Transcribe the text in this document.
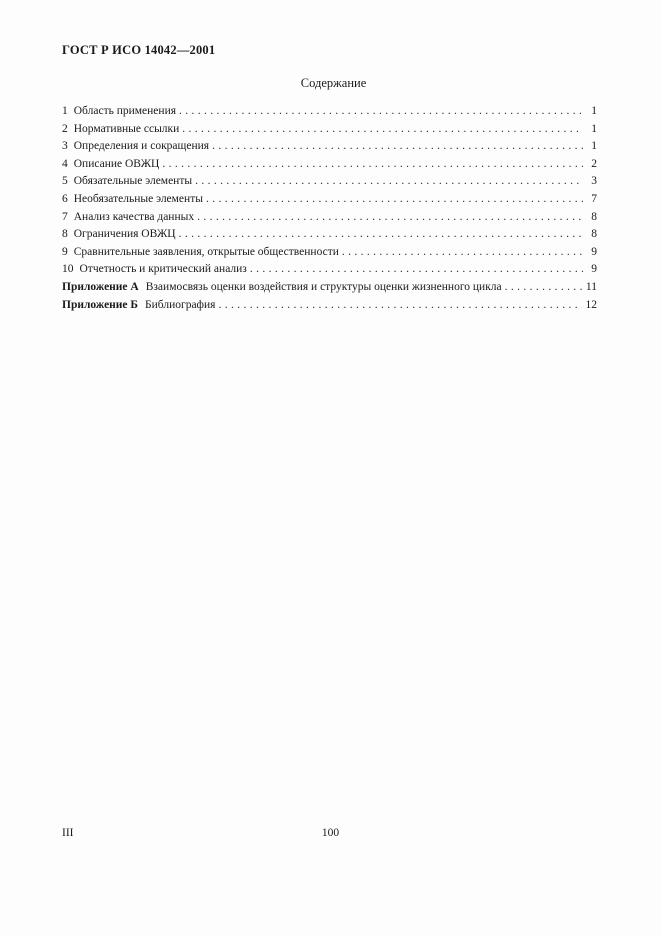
ГОСТ Р ИСО 14042—2001
Содержание
1 Область применения . . .	1
2 Нормативные ссылки . . .	1
3 Определения и сокращения . . .	1
4 Описание ОВЖЦ . . .	2
5 Обязательные элементы . . .	3
6 Необязательные элементы . . .	7
7 Анализ качества данных . . .	8
8 Ограничения ОВЖЦ . . .	8
9 Сравнительные заявления, открытые общественности . . .	9
10 Отчетность и критический анализ . . .	9
Приложение А Взаимосвязь оценки воздействия и структуры оценки жизненного цикла . . .	11
Приложение Б Библиография . . .	12
III	100
